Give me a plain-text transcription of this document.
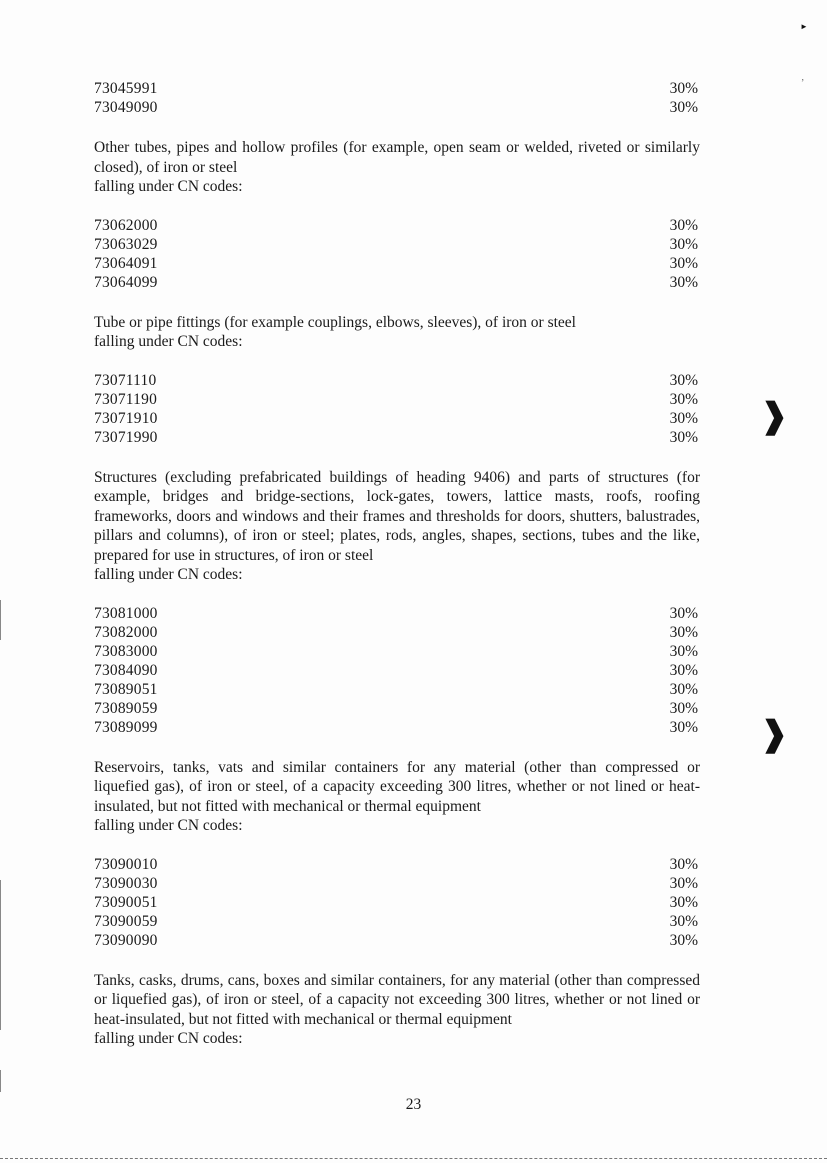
73045991	30%
73049090	30%

Other tubes, pipes and hollow profiles (for example, open seam or welded, riveted or similarly closed), of iron or steel

falling under CN codes:

73062000	30%
73063029	30%
73064091	30%
73064099	30%

Tube or pipe fittings (for example couplings, elbows, sleeves), of iron or steel

falling under CN codes:

73071110	30%
73071190	30%
73071910	30%
73071990	30%

Structures (excluding prefabricated buildings of heading 9406) and parts of structures (for example, bridges and bridge-sections, lock-gates, towers, lattice masts, roofs, roofing frameworks, doors and windows and their frames and thresholds for doors, shutters, balustrades, pillars and columns), of iron or steel; plates, rods, angles, shapes, sections, tubes and the like, prepared for use in structures, of iron or steel

falling under CN codes:

73081000	30%
73082000	30%
73083000	30%
73084090	30%
73089051	30%
73089059	30%
73089099	30%

Reservoirs, tanks, vats and similar containers for any material (other than compressed or liquefied gas), of iron or steel, of a capacity exceeding 300 litres, whether or not lined or heat-insulated, but not fitted with mechanical or thermal equipment

falling under CN codes:

73090010	30%
73090030	30%
73090051	30%
73090059	30%
73090090	30%

Tanks, casks, drums, cans, boxes and similar containers, for any material (other than compressed or liquefied gas), of iron or steel, of a capacity not exceeding 300 litres, whether or not lined or heat-insulated, but not fitted with mechanical or thermal equipment

falling under CN codes:

23
►
‚
❱
❱
